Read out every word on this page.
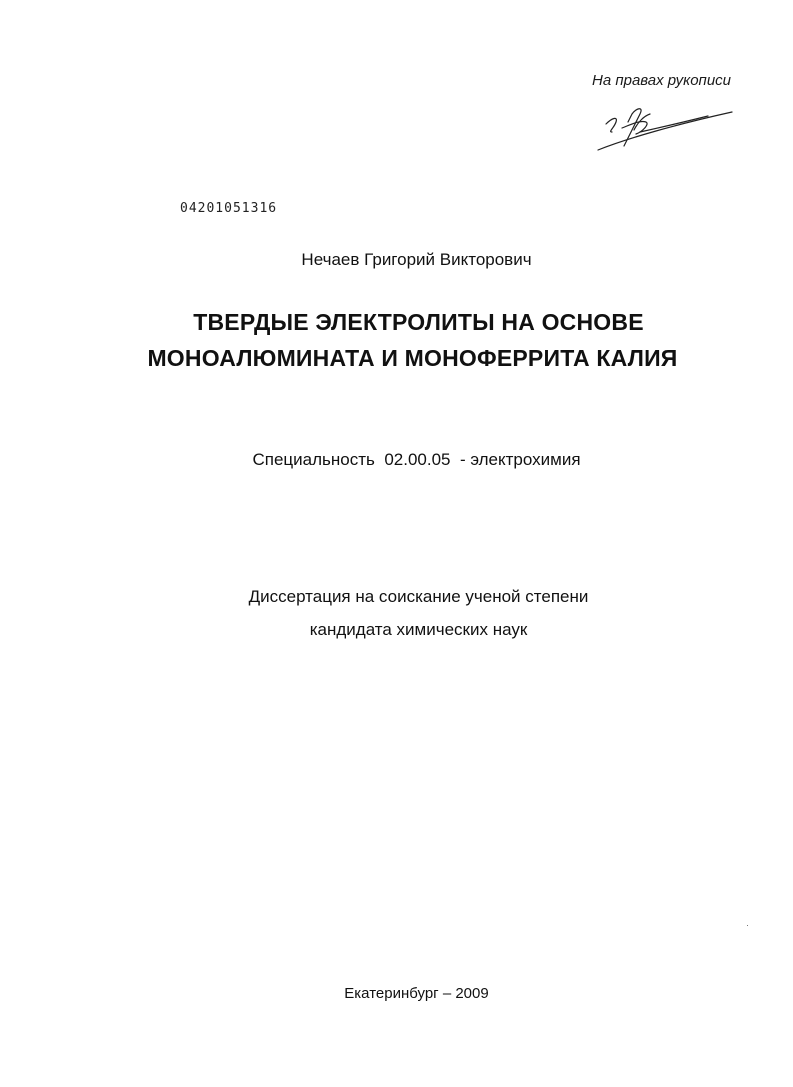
На правах рукописи
04201051316
Нечаев Григорий Викторович
ТВЕРДЫЕ ЭЛЕКТРОЛИТЫ НА ОСНОВЕ
МОНОАЛЮМИНАТА И МОНОФЕРРИТА КАЛИЯ
Специальность 02.00.05 - электрохимия
Диссертация на соискание ученой степени
кандидата химических наук
Екатеринбург – 2009
